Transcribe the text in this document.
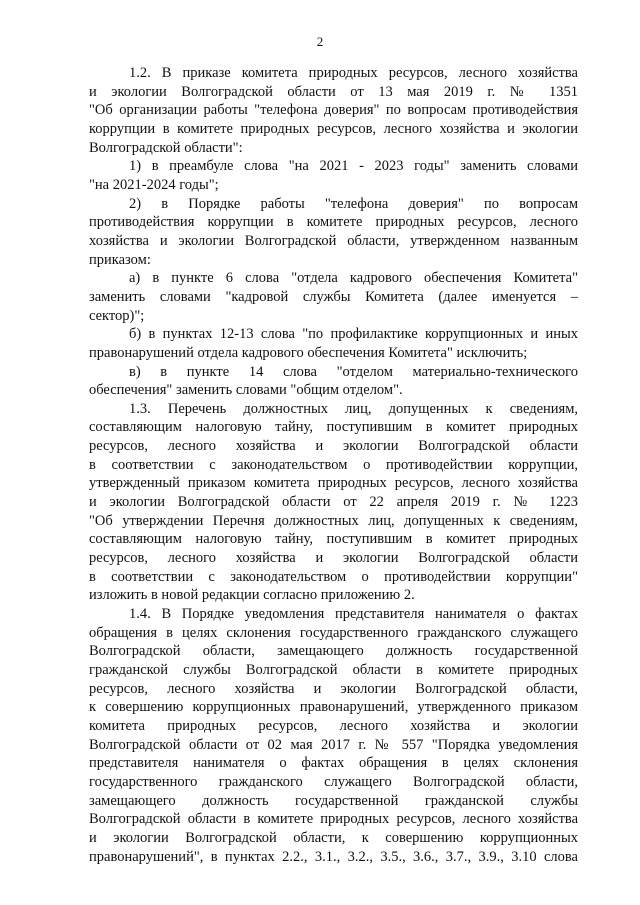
2
1.2. В приказе комитета природных ресурсов, лесного хозяйства
и экологии Волгоградской области от 13 мая 2019 г. № 1351
"Об организации работы "телефона доверия" по вопросам противодействия
коррупции в комитете природных ресурсов, лесного хозяйства и экологии
Волгоградской области":
1) в преамбуле слова "на 2021 - 2023 годы" заменить словами
"на 2021-2024 годы";
2) в Порядке работы "телефона доверия" по вопросам
противодействия коррупции в комитете природных ресурсов, лесного
хозяйства и экологии Волгоградской области, утвержденном названным
приказом:
а) в пункте 6 слова "отдела кадрового обеспечения Комитета"
заменить словами "кадровой службы Комитета (далее именуется –
сектор)";
б) в пунктах 12-13 слова "по профилактике коррупционных и иных
правонарушений отдела кадрового обеспечения Комитета" исключить;
в) в пункте 14 слова "отделом материально-технического
обеспечения" заменить словами "общим отделом".
1.3. Перечень должностных лиц, допущенных к сведениям,
составляющим налоговую тайну, поступившим в комитет природных
ресурсов, лесного хозяйства и экологии Волгоградской области
в соответствии с законодательством о противодействии коррупции,
утвержденный приказом комитета природных ресурсов, лесного хозяйства
и экологии Волгоградской области от 22 апреля 2019 г. № 1223
"Об утверждении Перечня должностных лиц, допущенных к сведениям,
составляющим налоговую тайну, поступившим в комитет природных
ресурсов, лесного хозяйства и экологии Волгоградской области
в соответствии с законодательством о противодействии коррупции"
изложить в новой редакции согласно приложению 2.
1.4. В Порядке уведомления представителя нанимателя о фактах
обращения в целях склонения государственного гражданского служащего
Волгоградской области, замещающего должность государственной
гражданской службы Волгоградской области в комитете природных
ресурсов, лесного хозяйства и экологии Волгоградской области,
к совершению коррупционных правонарушений, утвержденного приказом
комитета природных ресурсов, лесного хозяйства и экологии
Волгоградской области от 02 мая 2017 г. № 557 "Порядка уведомления
представителя нанимателя о фактах обращения в целях склонения
государственного гражданского служащего Волгоградской области,
замещающего должность государственной гражданской службы
Волгоградской области в комитете природных ресурсов, лесного хозяйства
и экологии Волгоградской области, к совершению коррупционных
правонарушений", в пунктах 2.2., 3.1., 3.2., 3.5., 3.6., 3.7., 3.9., 3.10 слова
